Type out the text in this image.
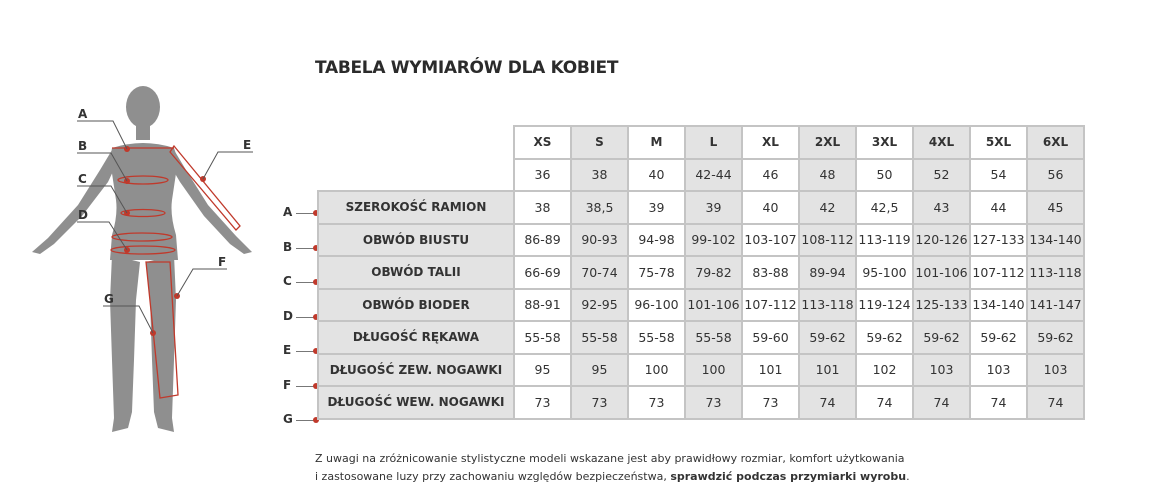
A
B
C
D
E
F
G
TABELA WYMIARÓW DLA KOBIET
A
B
C
D
E
F
G
	XS	S	M	L	XL	2XL	3XL	4XL	5XL	6XL
	36	38	40	42-44	46	48	50	52	54	56
SZEROKOŚĆ RAMION	38	38,5	39	39	40	42	42,5	43	44	45
OBWÓD BIUSTU	86-89	90-93	94-98	99-102	103-107	108-112	113-119	120-126	127-133	134-140
OBWÓD TALII	66-69	70-74	75-78	79-82	83-88	89-94	95-100	101-106	107-112	113-118
OBWÓD BIODER	88-91	92-95	96-100	101-106	107-112	113-118	119-124	125-133	134-140	141-147
DŁUGOŚĆ RĘKAWA	55-58	55-58	55-58	55-58	59-60	59-62	59-62	59-62	59-62	59-62
DŁUGOŚĆ ZEW. NOGAWKI	95	95	100	100	101	101	102	103	103	103
DŁUGOŚĆ WEW. NOGAWKI	73	73	73	73	73	74	74	74	74	74
Z uwagi na zróżnicowanie stylistyczne modeli wskazane jest aby prawidłowy rozmiar, komfort użytkowania
i zastosowane luzy przy zachowaniu względów bezpieczeństwa, sprawdzić podczas przymiarki wyrobu.
